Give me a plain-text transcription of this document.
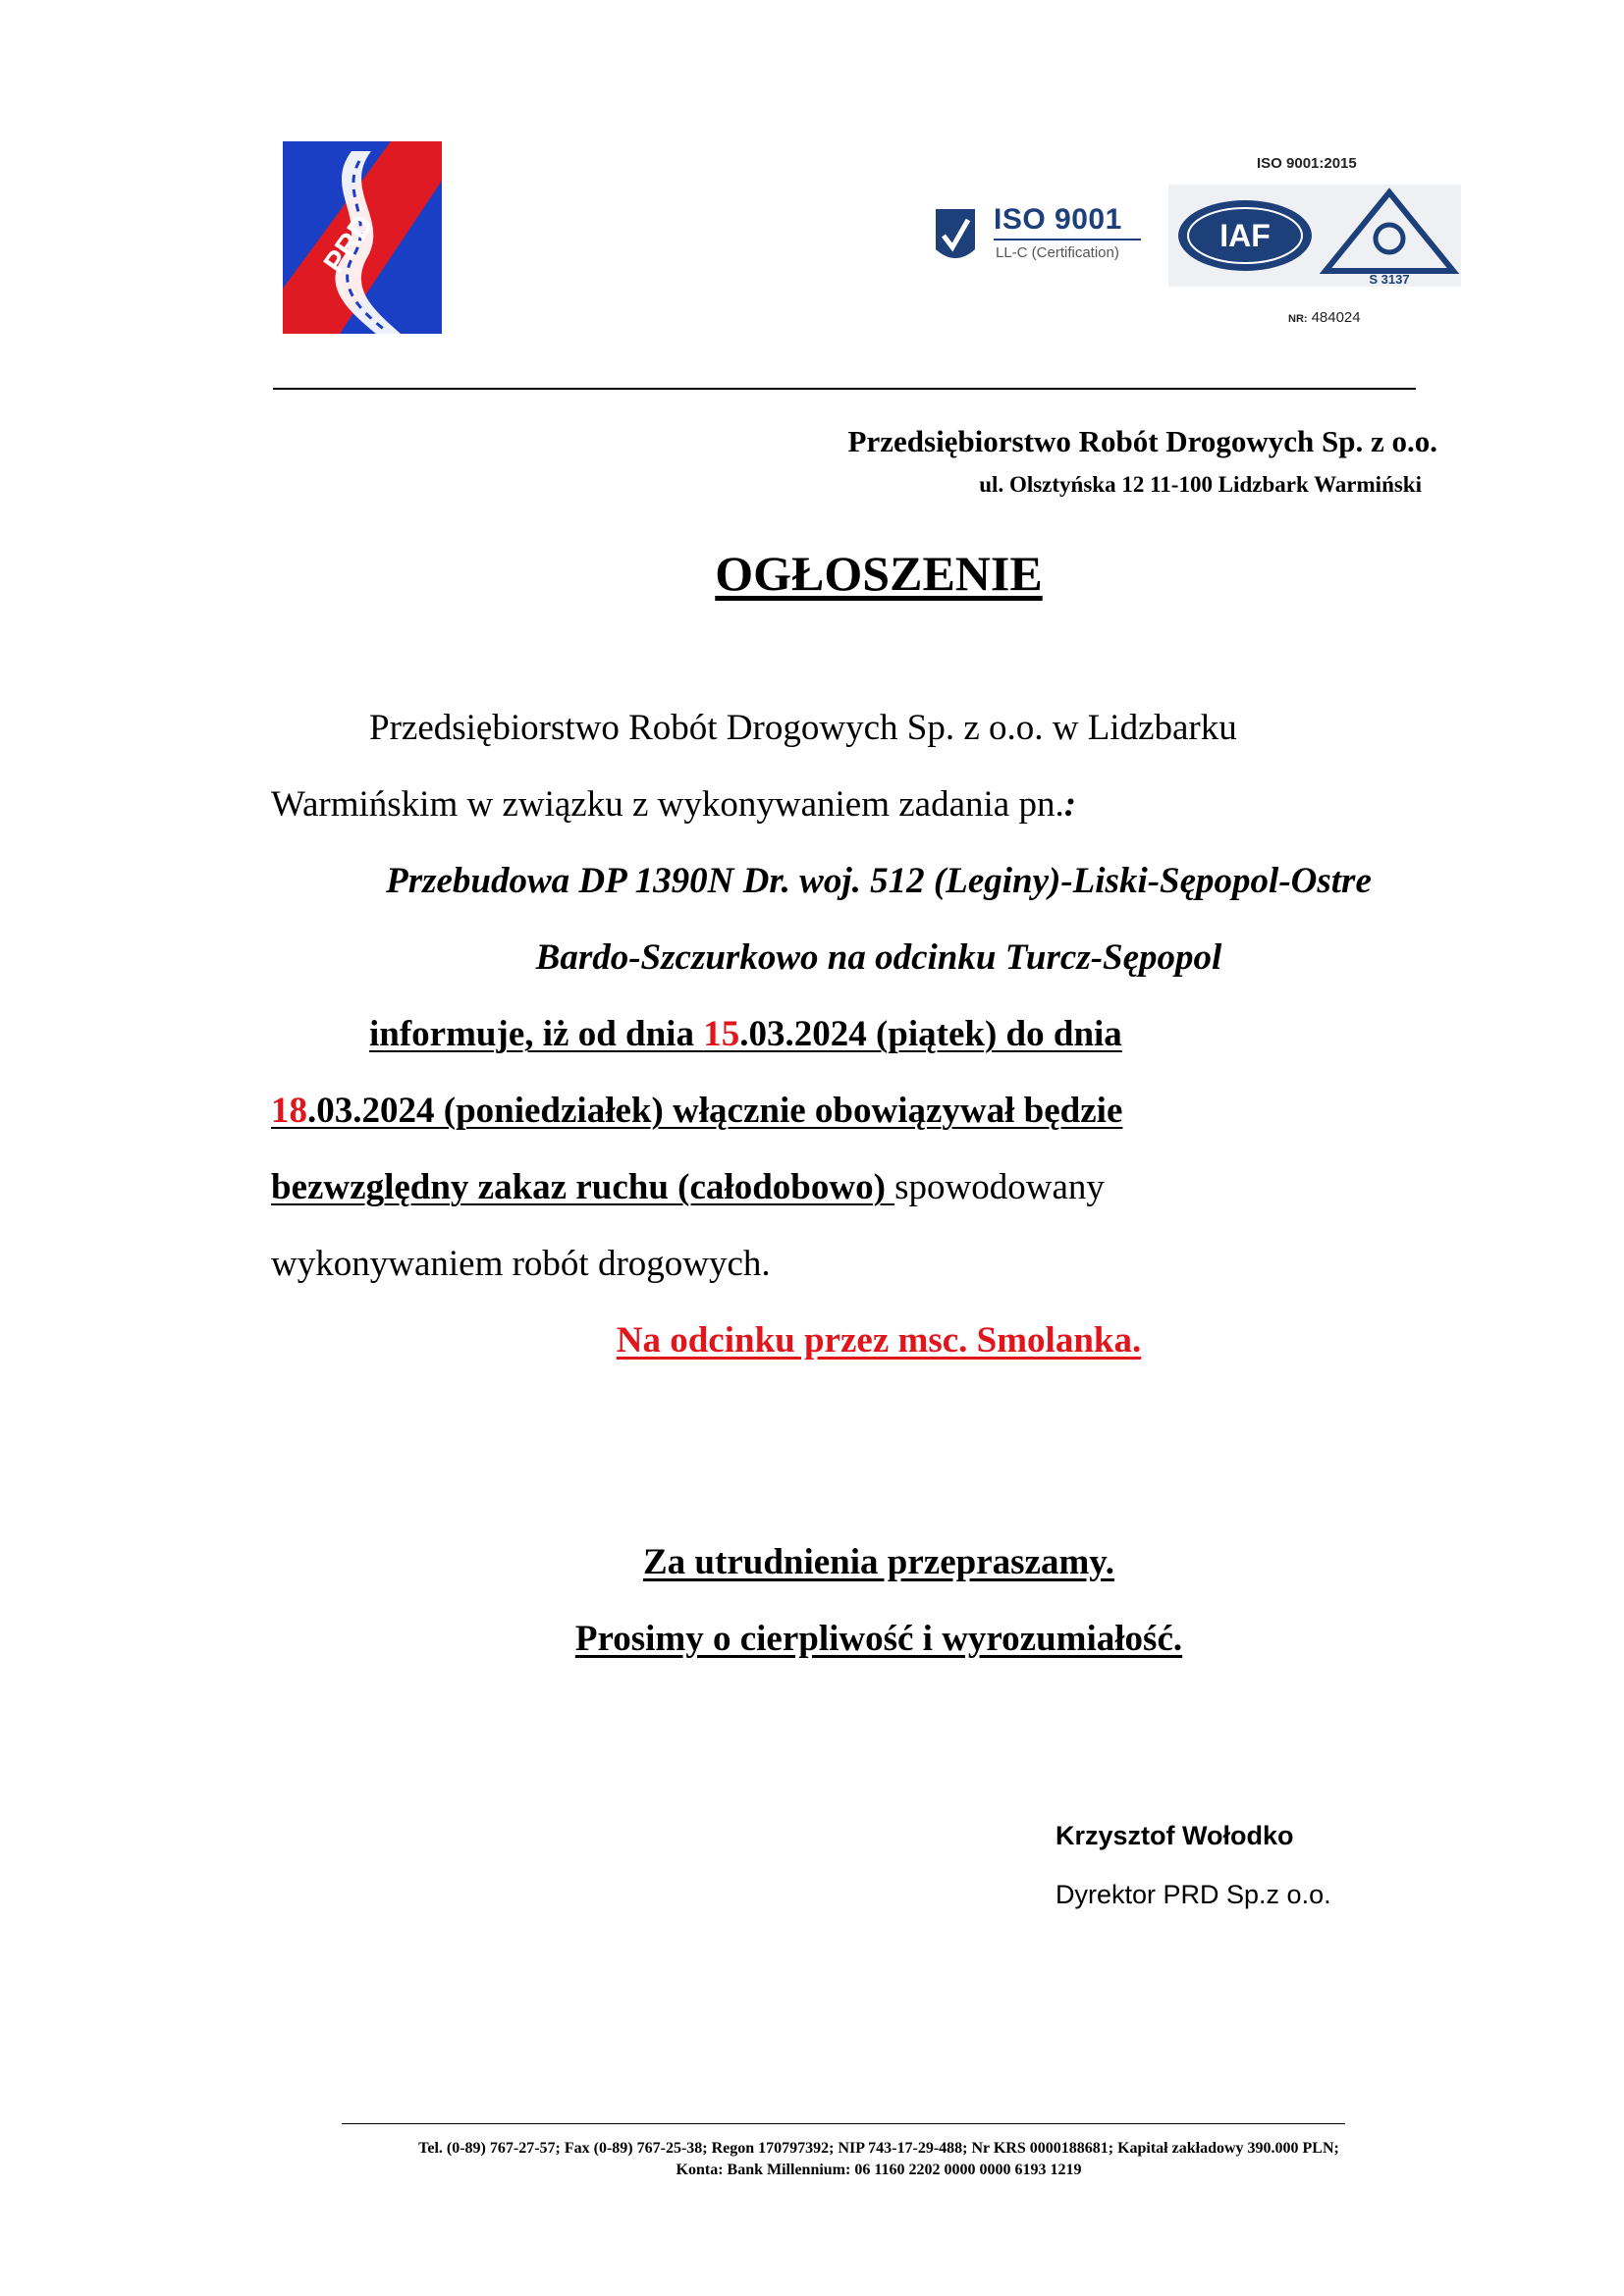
PRD	ISO 9001
LL-C (Certification)
ISO 9001:2015
IAF
S 3137
NR: 484024
Przedsiębiorstwo Robót Drogowych Sp. z o.o.
ul. Olsztyńska 12 11-100 Lidzbark Warmiński
OGŁOSZENIE
Przedsiębiorstwo Robót Drogowych Sp. z o.o. w Lidzbarku
Warmińskim w związku z wykonywaniem zadania pn.:
Przebudowa DP 1390N Dr. woj. 512 (Leginy)-Liski-Sępopol-Ostre
Bardo-Szczurkowo na odcinku Turcz-Sępopol
informuje, iż od dnia 15.03.2024 (piątek) do dnia
18.03.2024 (poniedziałek) włącznie obowiązywał będzie
bezwzględny zakaz ruchu (całodobowo) spowodowany
wykonywaniem robót drogowych.
Na odcinku przez msc. Smolanka.
Za utrudnienia przepraszamy.
Prosimy o cierpliwość i wyrozumiałość.
Krzysztof Wołodko
Dyrektor PRD Sp.z o.o.
Tel. (0-89) 767-27-57; Fax (0-89) 767-25-38; Regon 170797392; NIP 743-17-29-488; Nr KRS 0000188681; Kapitał zakładowy 390.000 PLN;
Konta: Bank Millennium: 06 1160 2202 0000 0000 6193 1219
